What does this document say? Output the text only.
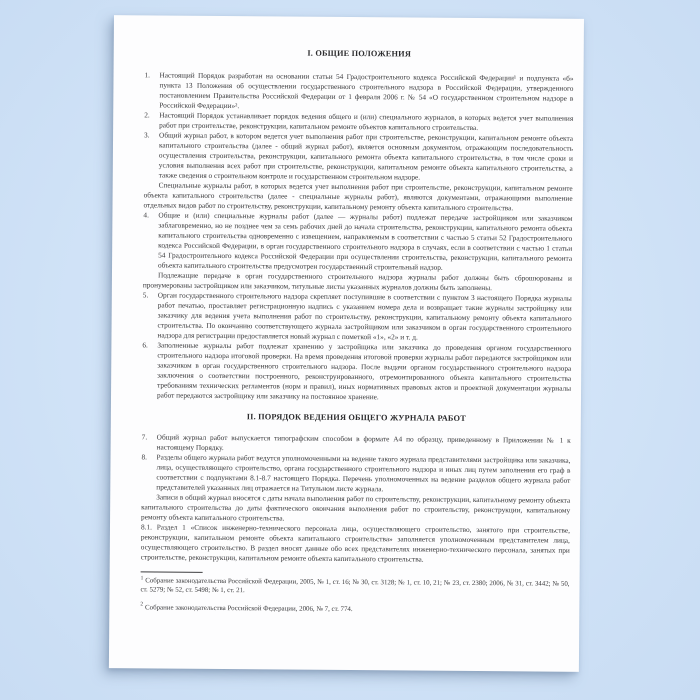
I. ОБЩИЕ ПОЛОЖЕНИЯ
1.	Настоящий Порядок разработан на основании статьи 54 Градостроительного кодекса Российской Федерации¹ и подпункта «б» пункта 13 Положения об осуществлении государственного строительного надзора в Российской Федерации, утвержденного постановлением Правительства Российской Федерации от 1 февраля 2006 г. № 54 «О государственном строительном надзоре в Российской Федерации»².
2.	Настоящий Порядок устанавливает порядок ведения общего и (или) специального журналов, в которых ведется учет выполнения работ при строительстве, реконструкции, капитальном ремонте объектов капитального строительства.
3.	Общий журнал работ, в котором ведется учет выполнения работ при строительстве, реконструкции, капитальном ремонте объекта капитального строительства (далее - общий журнал работ), является основным документом, отражающим последовательность осуществления строительства, реконструкции, капитального ремонта объекта капитального строительства, в том числе сроки и условия выполнения всех работ при строительстве, реконструкции, капитальном ремонте объекта капитального строительства, а также сведения о строительном контроле и государственном строительном надзоре.
Специальные журналы работ, в которых ведется учет выполнения работ при строительстве, реконструкции, капитальном ремонте объекта капитального строительства (далее - специальные журналы работ), являются документами, отражающими выполнение отдельных видов работ по строительству, реконструкции, капитальному ремонту объекта капитального строительства.
4.	Общие и (или) специальные журналы работ (далее — журналы работ) подлежат передаче застройщиком или заказчиком заблаговременно, но не позднее чем за семь рабочих дней до начала строительства, реконструкции, капитального ремонта объекта капитального строительства одновременно с извещением, направляемым в соответствии с частью 5 статьи 52 Градостроительного кодекса Российской Федерации, в орган государственного строительного надзора в случаях, если в соответствии с частью 1 статьи 54 Градостроительного кодекса Российской Федерации при осуществлении строительства, реконструкции, капитального ремонта объекта капитального строительства предусмотрен государственный строительный надзор.
Подлежащие передаче в орган государственного строительного надзора журналы работ должны быть сброшюрованы и пронумерованы застройщиком или заказчиком, титульные листы указанных журналов должны быть заполнены.
5.	Орган государственного строительного надзора скрепляет поступившие в соответствии с пунктом 3 настоящего Порядка журналы работ печатью, проставляет регистрационную надпись с указанием номера дела и возвращает такие журналы застройщику или заказчику для ведения учета выполнения работ по строительству, реконструкции, капитальному ремонту объекта капитального строительства. По окончанию соответствующего журнала застройщиком или заказчиком в орган государственного строительного надзора для регистрации предоставляется новый журнал с пометкой «1», «2» и т. д.
6.	Заполненные журналы работ подлежат хранению у застройщика или заказчика до проведения органом государственного строительного надзора итоговой проверки. На время проведения итоговой проверки журналы работ передаются застройщиком или заказчиком в орган государственного строительного надзора. После выдачи органом государственного строительного надзора заключения о соответствии построенного, реконструированного, отремонтированного объекта капитального строительства требованиям технических регламентов (норм и правил), иных нормативных правовых актов и проектной документации журналы работ передаются застройщику или заказчику на постоянное хранение.
II. ПОРЯДОК ВЕДЕНИЯ ОБЩЕГО ЖУРНАЛА РАБОТ
7.	Общий журнал работ выпускается типографским способом в формате А4 по образцу, приведенному в Приложении № 1 к настоящему Порядку.
8.	Разделы общего журнала работ ведутся уполномоченными на ведение такого журнала представителями застройщика или заказчика, лица, осуществляющего строительство, органа государственного строительного надзора и иных лиц путем заполнения его граф в соответствии с подпунктами 8.1-8.7 настоящего Порядка. Перечень уполномоченных на ведение разделов общего журнала работ представителей указанных лиц отражается на Титульном листе журнала.
Записи в общий журнал вносятся с даты начала выполнения работ по строительству, реконструкции, капитальному ремонту объекта капитального строительства до даты фактического окончания выполнения работ по строительству, реконструкции, капитальному ремонту объекта капитального строительства.
8.1. Раздел 1 «Список инженерно-технического персонала лица, осуществляющего строительство, занятого при строительстве, реконструкции, капитальном ремонте объекта капитального строительства» заполняется уполномоченным представителем лица, осуществляющего строительство. В раздел вносят данные обо всех представителях инженерно-технического персонала, занятых при строительстве, реконструкции, капитальном ремонте объекта капитального строительства.
$^1$ Собрание законодательства Российской Федерации, 2005, № 1, ст. 16; № 30, ст. 3128; № 1, ст. 10, 21; № 23, ст. 2380; 2006, № 31, ст. 3442; № 50, ст. 5279; № 52, ст. 5498; № 1, ст. 21.
$^2$ Собрание законодательства Российской Федерации, 2006, № 7, ст. 774.
